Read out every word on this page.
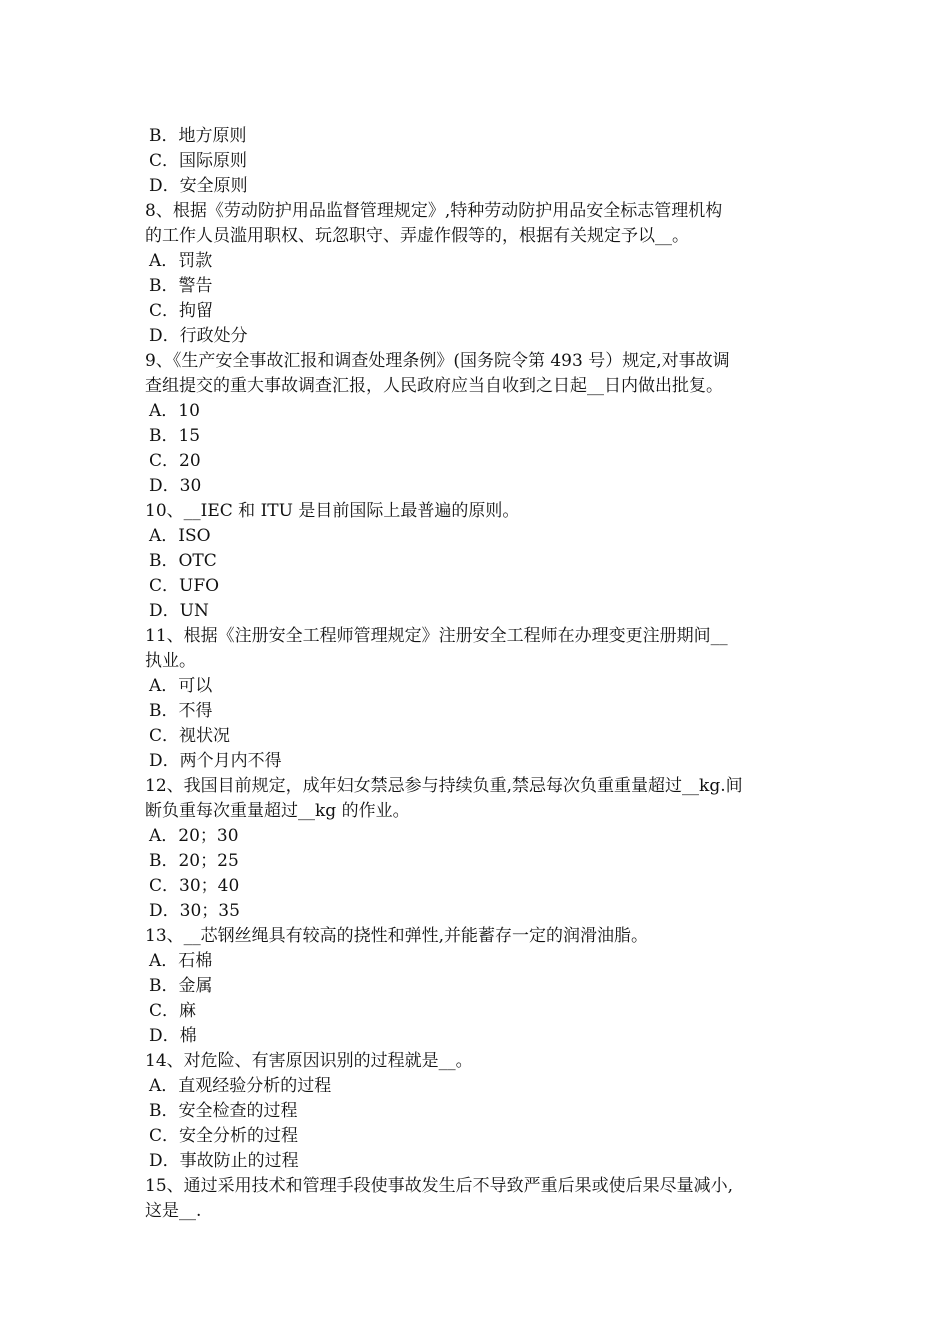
B．地方原则
C．国际原则
D．安全原则
8、根据《劳动防护用品监督管理规定》,特种劳动防护用品安全标志管理机构
的工作人员滥用职权、玩忽职守、弄虚作假等的，根据有关规定予以__。
A．罚款
B．警告
C．拘留
D．行政处分
9、《生产安全事故汇报和调查处理条例》(国务院令第 493 号）规定,对事故调
查组提交的重大事故调查汇报，人民政府应当自收到之日起__日内做出批复。
A．10
B．15
C．20
D．30
10、__IEC 和 ITU 是目前国际上最普遍的原则。
A．ISO
B．OTC
C．UFO
D．UN
11、根据《注册安全工程师管理规定》注册安全工程师在办理变更注册期间__
执业。
A．可以
B．不得
C．视状况
D．两个月内不得
12、我国目前规定，成年妇女禁忌参与持续负重,禁忌每次负重重量超过__kg.间
断负重每次重量超过__kg 的作业。
A．20；30
B．20；25
C．30；40
D．30；35
13、__芯钢丝绳具有较高的挠性和弹性,并能蓄存一定的润滑油脂。
A．石棉
B．金属
C．麻
D．棉
14、对危险、有害原因识别的过程就是__。
A．直观经验分析的过程
B．安全检查的过程
C．安全分析的过程
D．事故防止的过程
15、通过采用技术和管理手段使事故发生后不导致严重后果或使后果尽量减小,
这是__.
